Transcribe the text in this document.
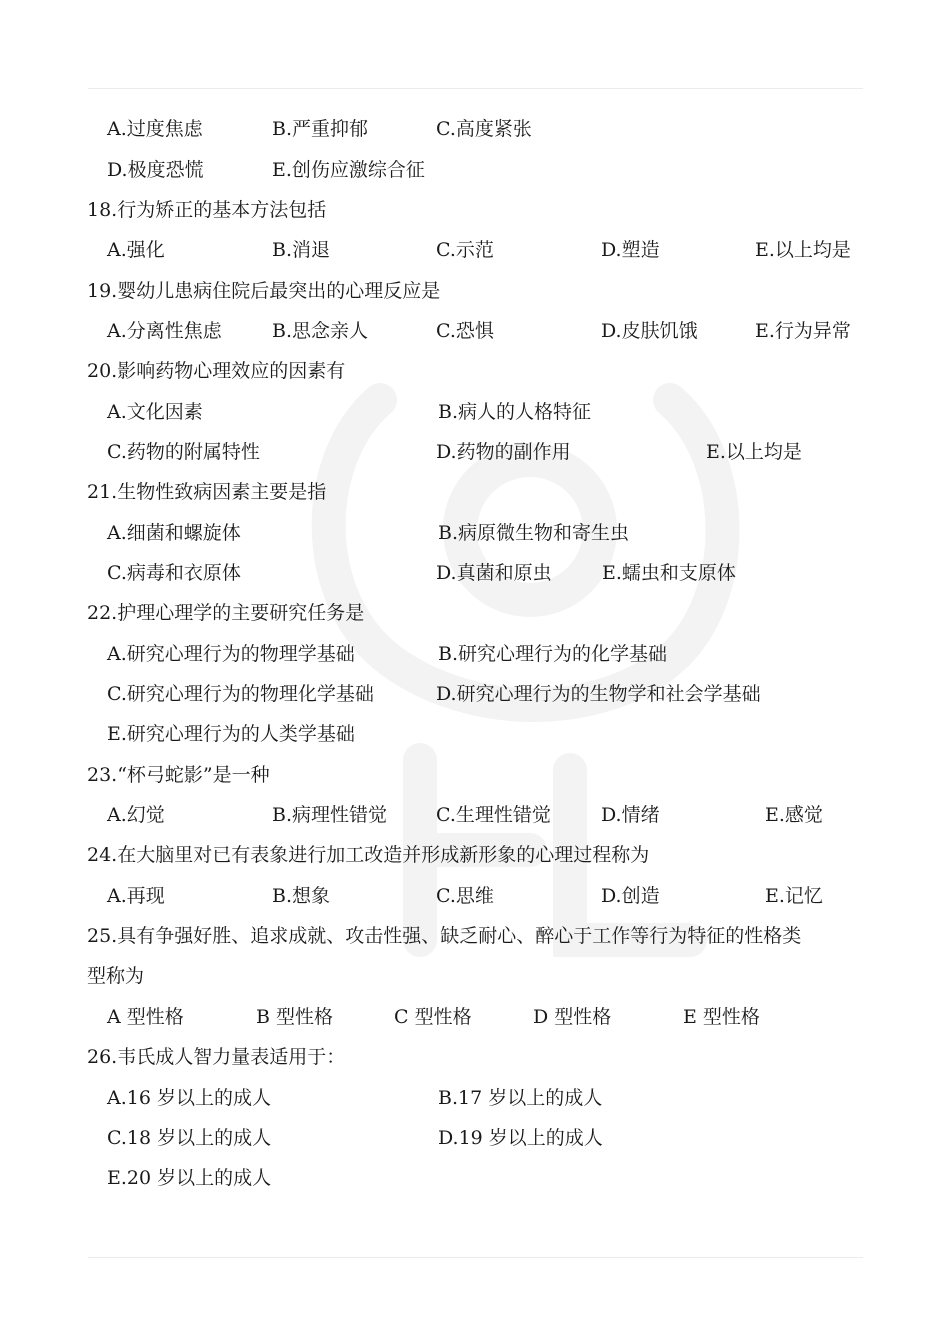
A.过度焦虑	B.严重抑郁	C.高度紧张
D.极度恐慌	E.创伤应激综合征
18.行为矫正的基本方法包括
A.强化	B.消退	C.示范	D.塑造	E.以上均是
19.婴幼儿患病住院后最突出的心理反应是
A.分离性焦虑	B.思念亲人	C.恐惧	D.皮肤饥饿	E.行为异常
20.影响药物心理效应的因素有
A.文化因素	B.病人的人格特征
C.药物的附属特性	D.药物的副作用	E.以上均是
21.生物性致病因素主要是指
A.细菌和螺旋体	B.病原微生物和寄生虫
C.病毒和衣原体	D.真菌和原虫	E.蠕虫和支原体
22.护理心理学的主要研究任务是
A.研究心理行为的物理学基础	B.研究心理行为的化学基础
C.研究心理行为的物理化学基础	D.研究心理行为的生物学和社会学基础
E.研究心理行为的人类学基础
23.“杯弓蛇影”是一种
A.幻觉	B.病理性错觉	C.生理性错觉	D.情绪	E.感觉
24.在大脑里对已有表象进行加工改造并形成新形象的心理过程称为
A.再现	B.想象	C.思维	D.创造	E.记忆
25.具有争强好胜、追求成就、攻击性强、缺乏耐心、醉心于工作等行为特征的性格类
型称为
A 型性格	B 型性格	C 型性格	D 型性格	E 型性格
26.韦氏成人智力量表适用于：
A.16 岁以上的成人	B.17 岁以上的成人
C.18 岁以上的成人	D.19 岁以上的成人
E.20 岁以上的成人
